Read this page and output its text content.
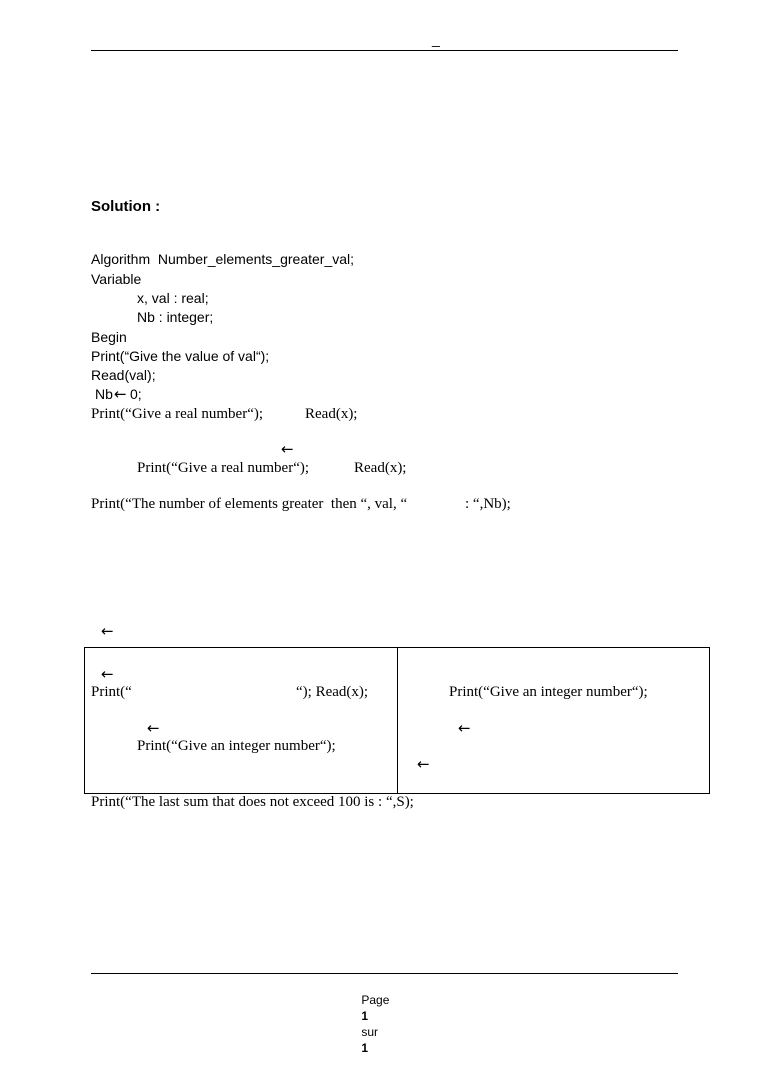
_
Solution :
Algorithm  Number_elements_greater_val;
Variable
x, val : real;
Nb : integer;
Begin
Print(“Give the value of val“);
Read(val);
Nb ← 0;
Print(“Give a real number“);	Read(x);
←
Print(“Give a real number“);	Read(x);
Print(“The number of elements greater  then “, val, “	: “,Nb);
←
←
Print(“	“); Read(x);
←
Print(“Give an integer number“);
Print(“Give an integer number“);
←
←
Print(“The last sum that does not exceed 100 is : “,S);

Page
1
sur
1
